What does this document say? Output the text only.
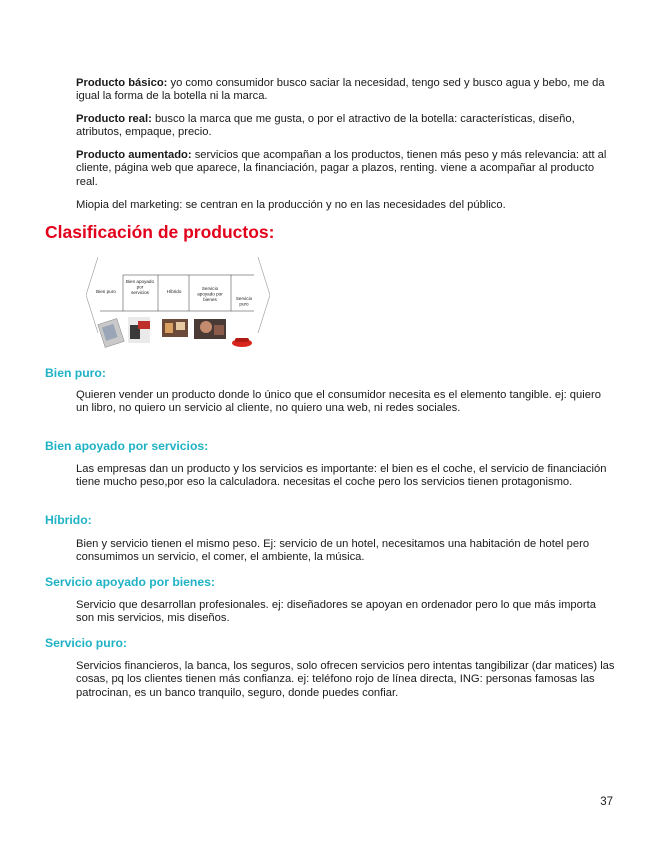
Producto básico: yo como consumidor busco saciar la necesidad, tengo sed y busco agua y bebo, me da igual la forma de la botella ni la marca.

Producto real: busco la marca que me gusta, o por el atractivo de la botella: características, diseño, atributos, empaque, precio.

Producto aumentado: servicios que acompañan a los productos, tienen más peso y más relevancia: att al cliente, página web que aparece, la financiación, pagar a plazos, renting. viene a acompañar al producto real.

Miopia del marketing: se centran en la producción y no en las necesidades del público.

Clasificación de productos:
Bien puro
Bien apoyado por servicios	Híbrido
Servicio apoyado por bienes	Servicio puro
Bien puro:

Quieren vender un producto donde lo único que el consumidor necesita es el elemento tangible. ej: quiero un libro, no quiero un servicio al cliente, no quiero una web, ni redes sociales.

Bien apoyado por servicios:

Las empresas dan un producto y los servicios es importante: el bien es el coche, el servicio de financiación tiene mucho peso,por eso la calculadora. necesitas el coche pero los servicios tienen protagonismo.

Híbrido:

Bien y servicio tienen el mismo peso. Ej: servicio de un hotel, necesitamos una habitación de hotel pero consumimos un servicio, el comer, el ambiente, la música.

Servicio apoyado por bienes:

Servicio que desarrollan profesionales. ej: diseñadores se apoyan en ordenador pero lo que más importa son mis servicios, mis diseños.

Servicio puro:

Servicios financieros, la banca, los seguros, solo ofrecen servicios pero intentas tangibilizar (dar matices) las cosas, pq los clientes tienen más confianza. ej: teléfono rojo de línea directa, ING: personas famosas las patrocinan, es un banco tranquilo, seguro, donde puedes confiar.

37
